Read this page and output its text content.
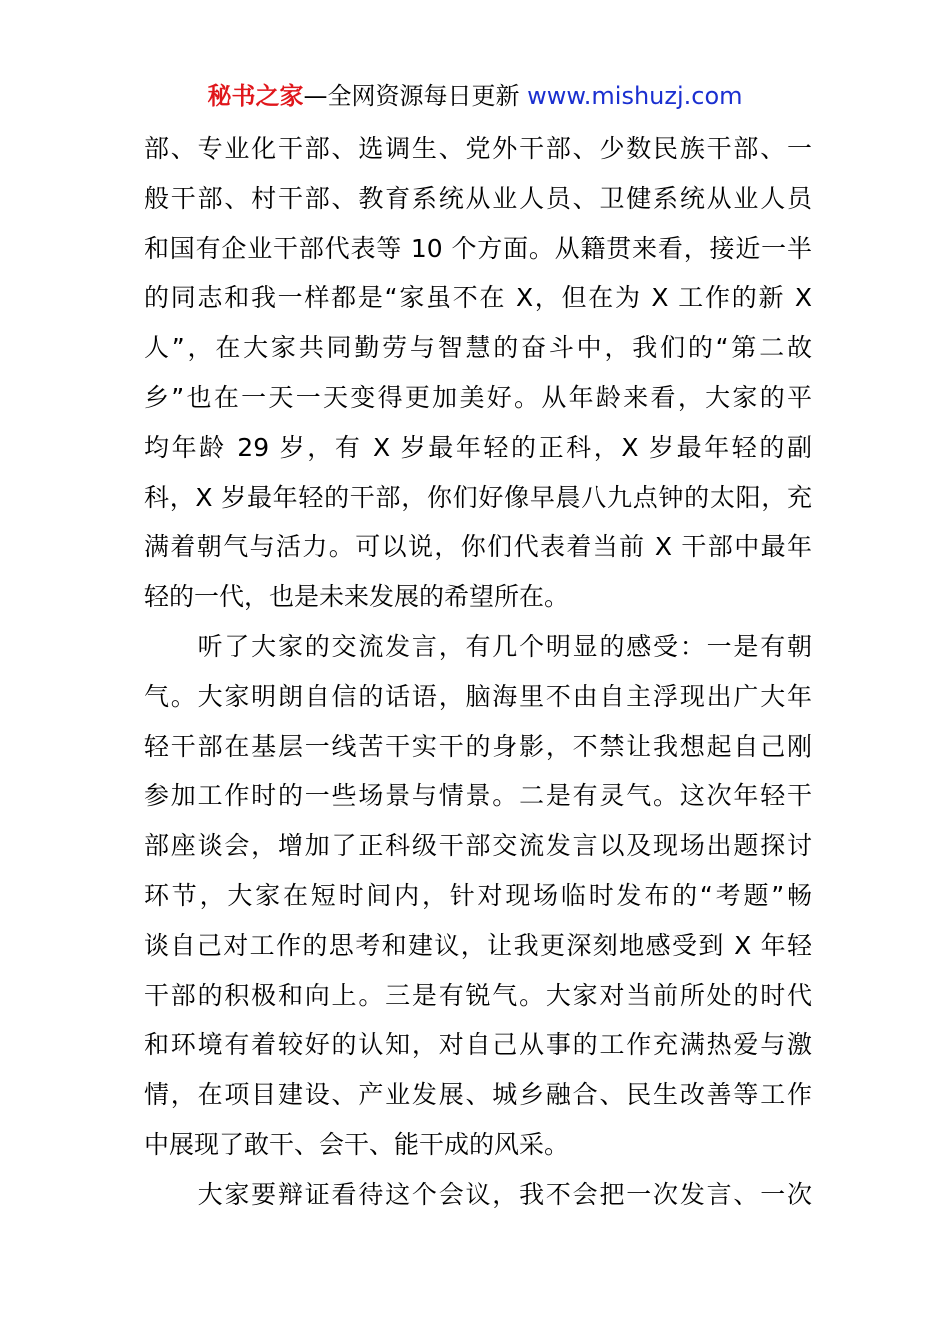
秘书之家—全网资源每日更新 www.mishuzj.com
部、专业化干部、选调生、党外干部、少数民族干部、一
般干部、村干部、教育系统从业人员、卫健系统从业人员
和国有企业干部代表等 10 个方面。从籍贯来看，接近一半
的同志和我一样都是“家虽不在 X，但在为 X 工作的新 X
人”，在大家共同勤劳与智慧的奋斗中，我们的“第二故
乡”也在一天一天变得更加美好。从年龄来看，大家的平
均年龄 29 岁，有 X 岁最年轻的正科，X 岁最年轻的副
科，X 岁最年轻的干部，你们好像早晨八九点钟的太阳，充
满着朝气与活力。可以说，你们代表着当前 X 干部中最年
轻的一代，也是未来发展的希望所在。
　　听了大家的交流发言，有几个明显的感受：一是有朝
气。大家明朗自信的话语，脑海里不由自主浮现出广大年
轻干部在基层一线苦干实干的身影，不禁让我想起自己刚
参加工作时的一些场景与情景。二是有灵气。这次年轻干
部座谈会，增加了正科级干部交流发言以及现场出题探讨
环节，大家在短时间内，针对现场临时发布的“考题”畅
谈自己对工作的思考和建议，让我更深刻地感受到 X 年轻
干部的积极和向上。三是有锐气。大家对当前所处的时代
和环境有着较好的认知，对自己从事的工作充满热爱与激
情，在项目建设、产业发展、城乡融合、民生改善等工作
中展现了敢干、会干、能干成的风采。
　　大家要辩证看待这个会议，我不会把一次发言、一次
